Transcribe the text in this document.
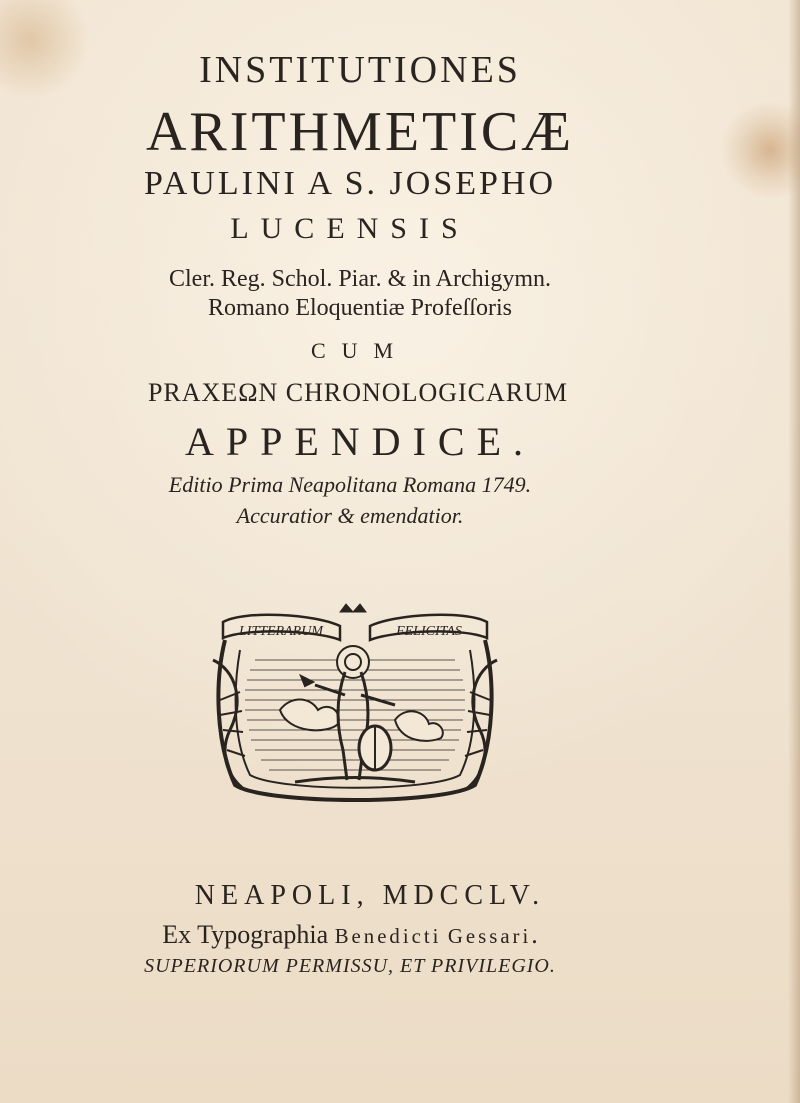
INSTITUTIONES
ARITHMETICÆ
PAULINI A S. JOSEPHO
LUCENSIS
Cler. Reg. Schol. Piar. & in Archigymn.
Romano Eloquentiæ Profeſſoris
CUM
PRAXEΩN CHRONOLOGICARUM
APPENDICE.
Editio Prima Neapolitana Romana 1749.
Accuratior & emendatior.
LITTERARUM	FELICITAS
NEAPOLI, MDCCLV.
Ex Typographia Benedicti Gessari.
SUPERIORUM PERMISSU, ET PRIVILEGIO.
